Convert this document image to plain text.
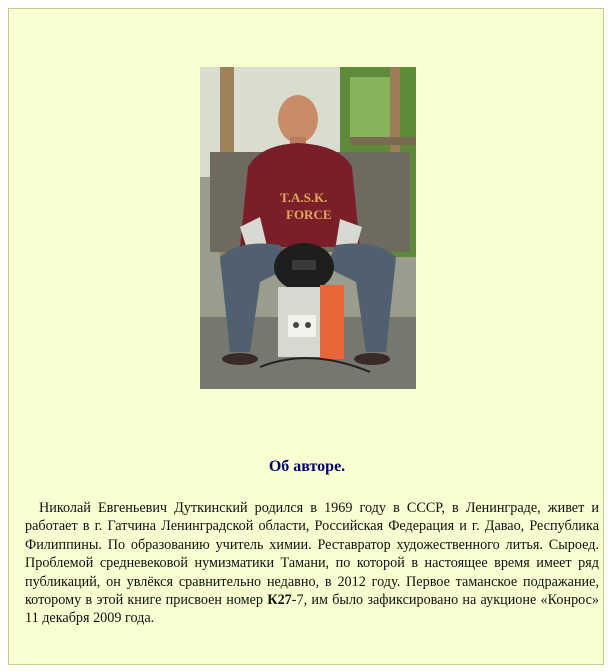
T.A.S.K.
FORCE
Об авторе.

Николай Евгеньевич Дуткинский родился в 1969 году в СССР, в Ленинграде, живет и работает в г. Гатчина Ленинградской области, Российская Федерация и г. Давао, Республика Филиппины. По образованию учитель химии. Реставратор художественного литья. Сыроед. Проблемой средневековой нумизматики Тамани, по которой в настоящее время имеет ряд публикаций, он увлёкся сравнительно недавно, в 2012 году. Первое таманское подражание, которому в этой книге присвоен номер К27-7, им было зафиксировано на аукционе «Конрос» 11 декабря 2009 года.
